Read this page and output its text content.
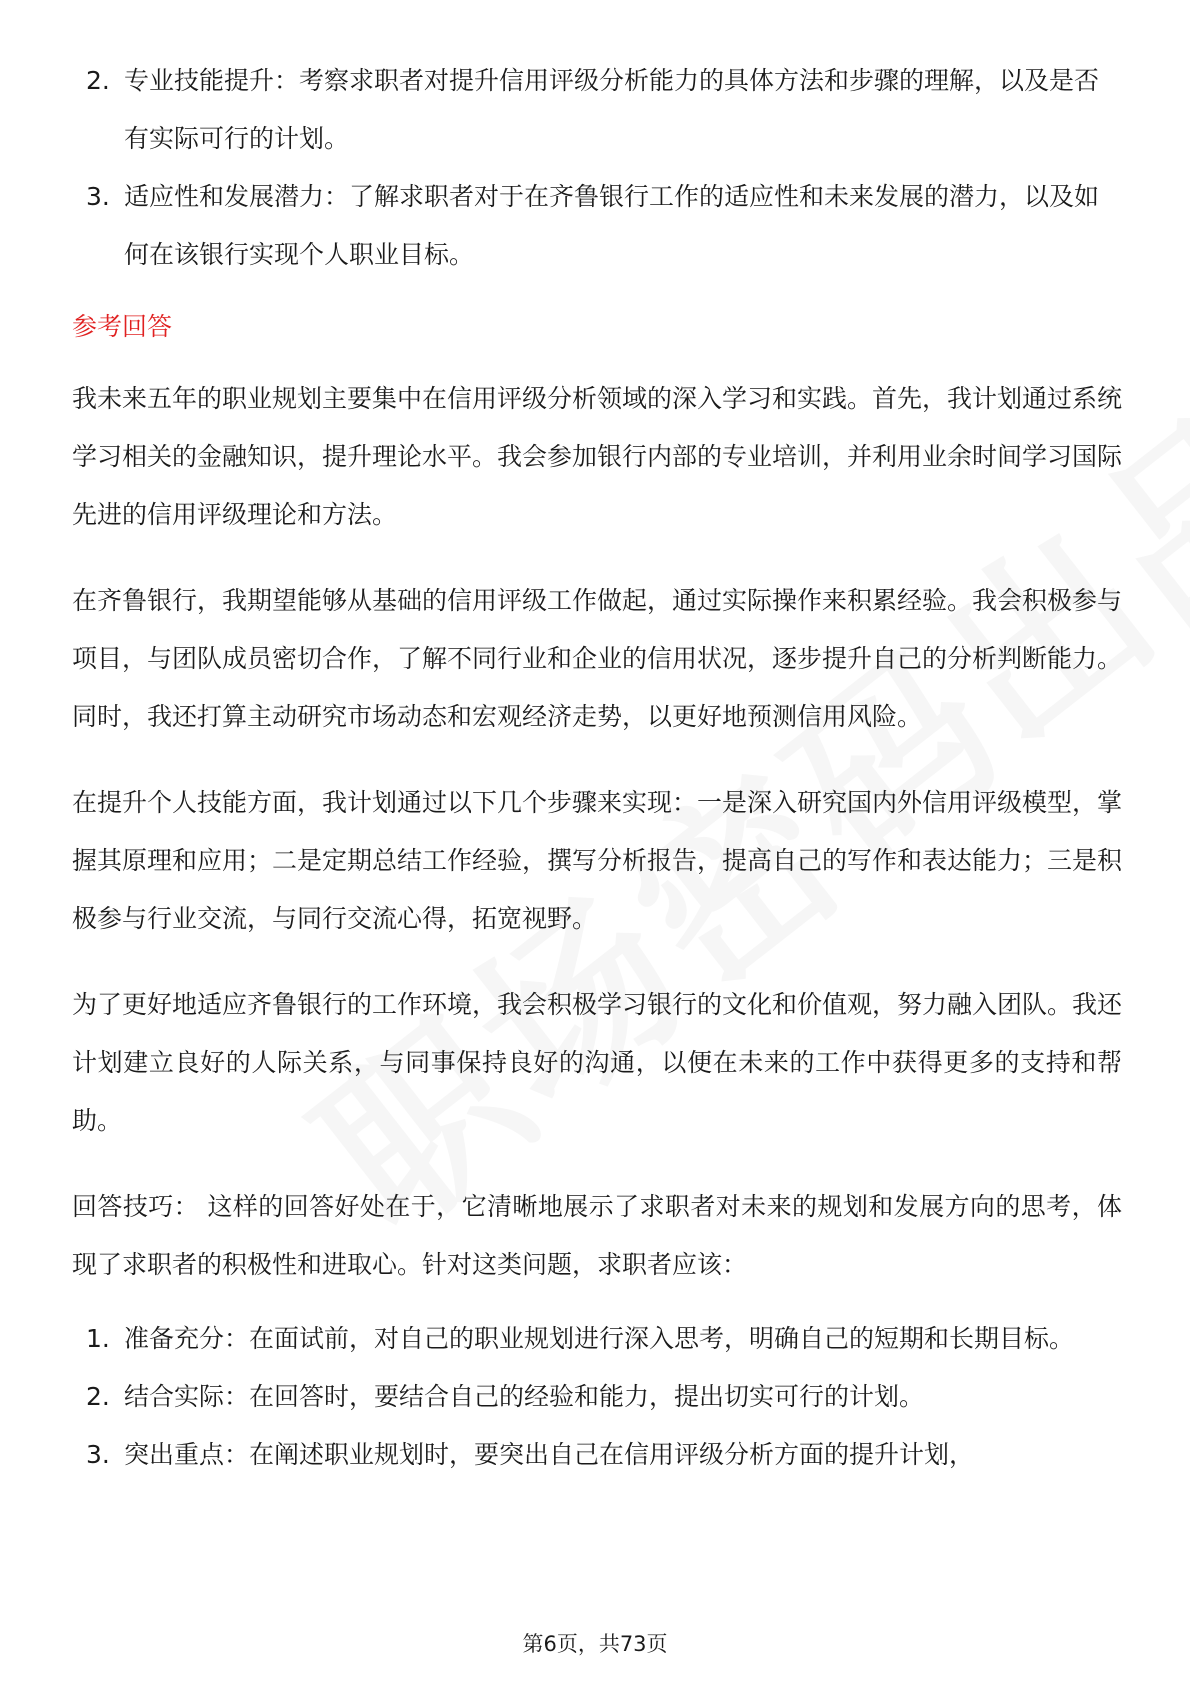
2. 专业技能提升：考察求职者对提升信用评级分析能力的具体方法和步骤的理解，以及是否有实际可行的计划。
3. 适应性和发展潜力：了解求职者对于在齐鲁银行工作的适应性和未来发展的潜力，以及如何在该银行实现个人职业目标。
参考回答

我未来五年的职业规划主要集中在信用评级分析领域的深入学习和实践。首先，我计划通过系统学习相关的金融知识，提升理论水平。我会参加银行内部的专业培训，并利用业余时间学习国际先进的信用评级理论和方法。

在齐鲁银行，我期望能够从基础的信用评级工作做起，通过实际操作来积累经验。我会积极参与项目，与团队成员密切合作，了解不同行业和企业的信用状况，逐步提升自己的分析判断能力。同时，我还打算主动研究市场动态和宏观经济走势，以更好地预测信用风险。

在提升个人技能方面，我计划通过以下几个步骤来实现：一是深入研究国内外信用评级模型，掌握其原理和应用；二是定期总结工作经验，撰写分析报告，提高自己的写作和表达能力；三是积极参与行业交流，与同行交流心得，拓宽视野。

为了更好地适应齐鲁银行的工作环境，我会积极学习银行的文化和价值观，努力融入团队。我还计划建立良好的人际关系，与同事保持良好的沟通，以便在未来的工作中获得更多的支持和帮助。

回答技巧： 这样的回答好处在于，它清晰地展示了求职者对未来的规划和发展方向的思考，体现了求职者的积极性和进取心。针对这类问题，求职者应该：

1. 准备充分：在面试前，对自己的职业规划进行深入思考，明确自己的短期和长期目标。
2. 结合实际：在回答时，要结合自己的经验和能力，提出切实可行的计划。
3. 突出重点：在阐述职业规划时，要突出自己在信用评级分析方面的提升计划，
第6页，共73页
